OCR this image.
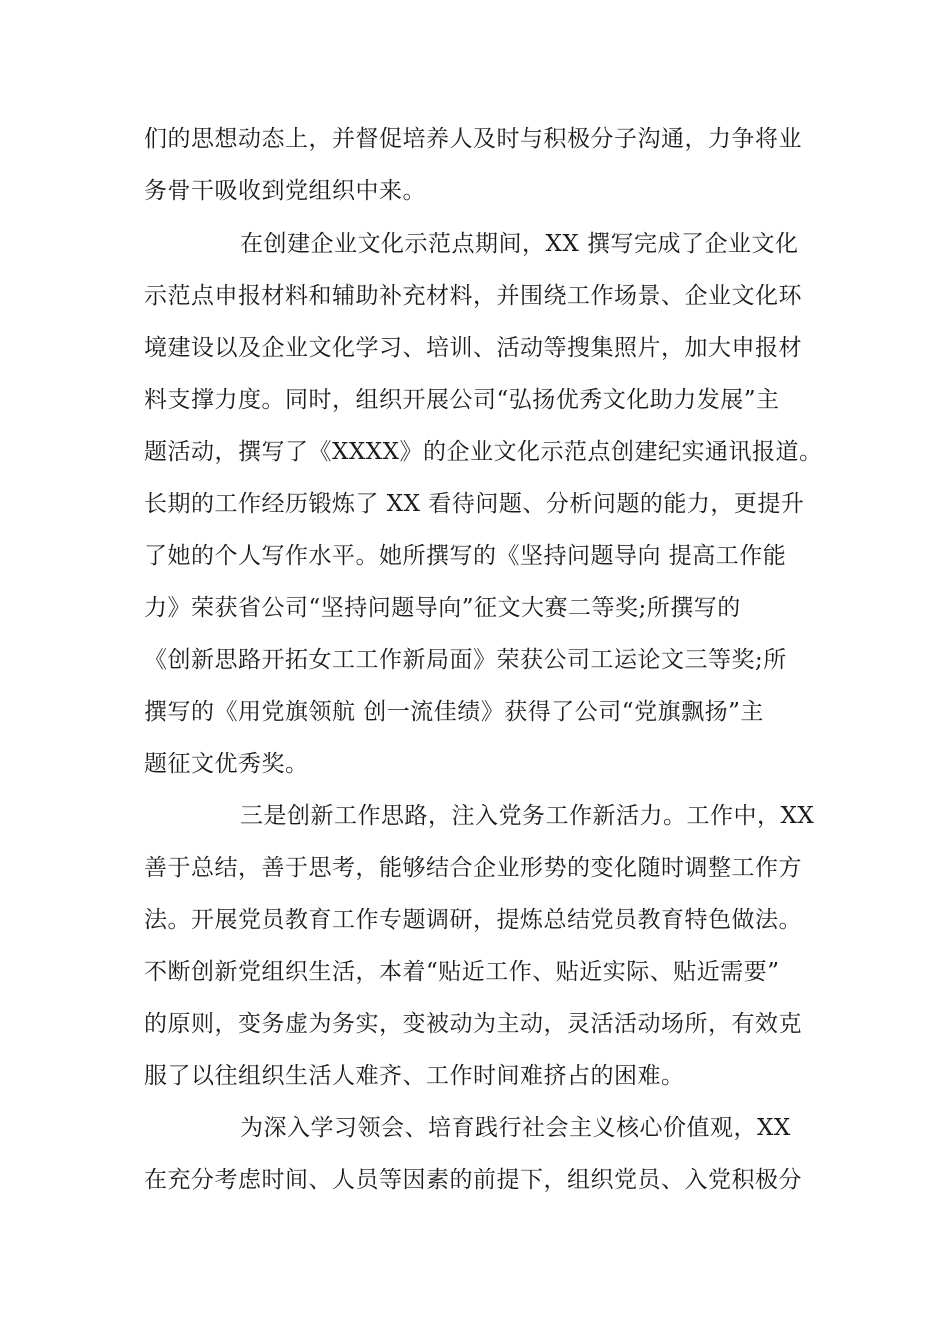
们的思想动态上，并督促培养人及时与积极分子沟通，力争将业
务骨干吸收到党组织中来。
在创建企业文化示范点期间，XX 撰写完成了企业文化
示范点申报材料和辅助补充材料，并围绕工作场景、企业文化环
境建设以及企业文化学习、培训、活动等搜集照片，加大申报材
料支撑力度。同时，组织开展公司“弘扬优秀文化助力发展”主
题活动，撰写了《XXXX》的企业文化示范点创建纪实通讯报道。
长期的工作经历锻炼了 XX 看待问题、分析问题的能力，更提升
了她的个人写作水平。她所撰写的《坚持问题导向 提高工作能
力》荣获省公司“坚持问题导向”征文大赛二等奖;所撰写的
《创新思路开拓女工工作新局面》荣获公司工运论文三等奖;所
撰写的《用党旗领航 创一流佳绩》获得了公司“党旗飘扬”主
题征文优秀奖。
三是创新工作思路，注入党务工作新活力。工作中，XX
善于总结，善于思考，能够结合企业形势的变化随时调整工作方
法。开展党员教育工作专题调研，提炼总结党员教育特色做法。
不断创新党组织生活，本着“贴近工作、贴近实际、贴近需要”
的原则，变务虚为务实，变被动为主动，灵活活动场所，有效克
服了以往组织生活人难齐、工作时间难挤占的困难。
为深入学习领会、培育践行社会主义核心价值观，XX
在充分考虑时间、人员等因素的前提下，组织党员、入党积极分
